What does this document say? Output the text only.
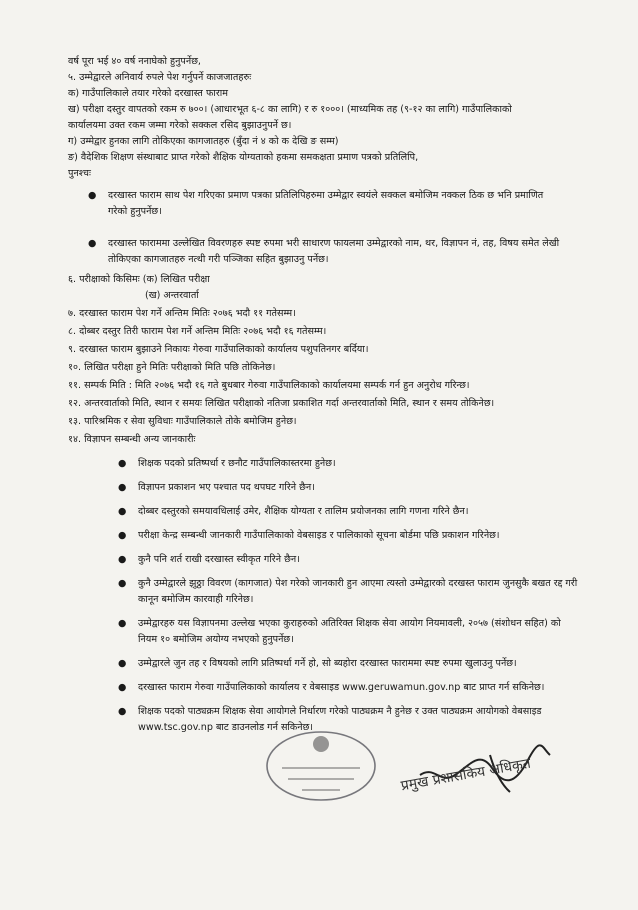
वर्ष पूरा भई ४० वर्ष ननाघेको हुनुपर्नेछ,
५. उम्मेद्वारले अनिवार्य रुपले पेश गर्नुपर्ने काजजातहरुः
क) गाउँपालिकाले तयार गरेको दरखास्त फाराम
ख) परीक्षा दस्तुर वापतको रकम रु ७००। (आधारभूत ६-८ का लागि) र रु १०००। (माध्यमिक तह (९-१२ का लागि) गाउँपालिकाको
कार्यालयमा उक्त रकम जम्मा गरेको सक्कल रसिद बुझाउनुपर्ने छ।
ग) उम्मेद्वार हुनका लागि तोकिएका कागजातहरु (बुँदा नं ४ को क देखि ङ सम्म)
ङ) वैदेशिक शिक्षण संस्थाबाट प्राप्त गरेको शैक्षिक योग्यताको हकमा समकक्षता प्रमाण पत्रको प्रतिलिपि,
पुनश्चः
● दरखास्त फाराम साथ पेश गरिएका प्रमाण पत्रका प्रतिलिपिहरुमा उम्मेद्वार स्वयंले सक्कल बमोजिम नक्कल ठिक छ भनि प्रमाणित
गरेको हुनुपर्नेछ।
● दरखास्त फाराममा उल्लेखित विवरणहरु स्पष्ट रुपमा भरी साधारण फायलमा उम्मेद्वारको नाम, थर, विज्ञापन नं, तह, विषय समेत लेखी
तोकिएका कागजातहरु नत्थी गरी पञ्जिका सहित बुझाउनु पर्नेछ।
६. परीक्षाको किसिमः (क) लिखित परीक्षा
(ख) अन्तरवार्ता
७. दरखास्त फाराम पेश गर्ने अन्तिम मितिः २०७६ भदौ ११ गतेसम्म।
८. दोब्बर दस्तुर तिरी फाराम पेश गर्ने अन्तिम मितिः २०७६ भदौ १६ गतेसम्म।
९. दरखास्त फाराम बुझाउने निकायः गेरुवा गाउँपालिकाको कार्यालय पशुपतिनगर बर्दिया।
१०. लिखित परीक्षा हुने मितिः परीक्षाको मिति पछि तोकिनेछ।
११. सम्पर्क मिति : मिति २०७६ भदौ १६ गते बुधबार गेरुवा गाउँपालिकाको कार्यालयमा सम्पर्क गर्न हुन अनुरोध गरिन्छ।
१२. अन्तरवार्ताको मिति, स्थान र समयः लिखित परीक्षाको नतिजा प्रकाशित गर्दा अन्तरवार्ताको मिति, स्थान र समय तोकिनेछ।
१३. पारिश्रमिक र सेवा सुविधाः गाउँपालिकाले तोके बमोजिम हुनेछ।
१४. विज्ञापन सम्बन्धी अन्य जानकारीः
● शिक्षक पदको प्रतिष्पर्धा र छनौट गाउँपालिकास्तरमा हुनेछ।
● विज्ञापन प्रकाशन भए पश्चात पद थपघट गरिने छैन।
● दोब्बर दस्तुरको समयावधिलाई उमेर, शैक्षिक योग्यता र तालिम प्रयोजनका लागि गणना गरिने छैन।
● परीक्षा केन्द्र सम्बन्धी जानकारी गाउँपालिकाको वेबसाइड र पालिकाको सूचना बोर्डमा पछि प्रकाशन गरिनेछ।
● कुनै पनि शर्त राखी दरखास्त स्वीकृत गरिने छैन।
● कुनै उम्मेद्वारले झुठ्ठा विवरण (कागजात) पेश गरेको जानकारी हुन आएमा त्यस्तो उम्मेद्वारको दरखस्त फाराम जुनसुकै बखत रद्द गरी
कानून बमोजिम कारवाही गरिनेछ।
● उम्मेद्वारहरु यस विज्ञापनमा उल्लेख भएका कुराहरुको अतिरिक्त शिक्षक सेवा आयोग नियमावली, २०५७ (संशोधन सहित) को
नियम १० बमोजिम अयोग्य नभएको हुनुपर्नेछ।
● उम्मेद्वारले जुन तह र विषयको लागि प्रतिष्पर्धा गर्ने हो, सो ब्यहोरा दरखास्त फाराममा स्पष्ट रुपमा खुलाउनु पर्नेछ।
● दरखास्त फाराम गेरुवा गाउँपालिकाको कार्यालय र वेबसाइड www.geruwamun.gov.np बाट प्राप्त गर्न सकिनेछ।
● शिक्षक पदको पाठ्यक्रम शिक्षक सेवा आयोगले निर्धारण गरेको पाठ्यक्रम नै हुनेछ र उक्त पाठ्यक्रम आयोगको वेबसाइड
www.tsc.gov.np बाट डाउनलोड गर्न सकिनेछ।
प्रमुख प्रशासकिय अधिकृत
